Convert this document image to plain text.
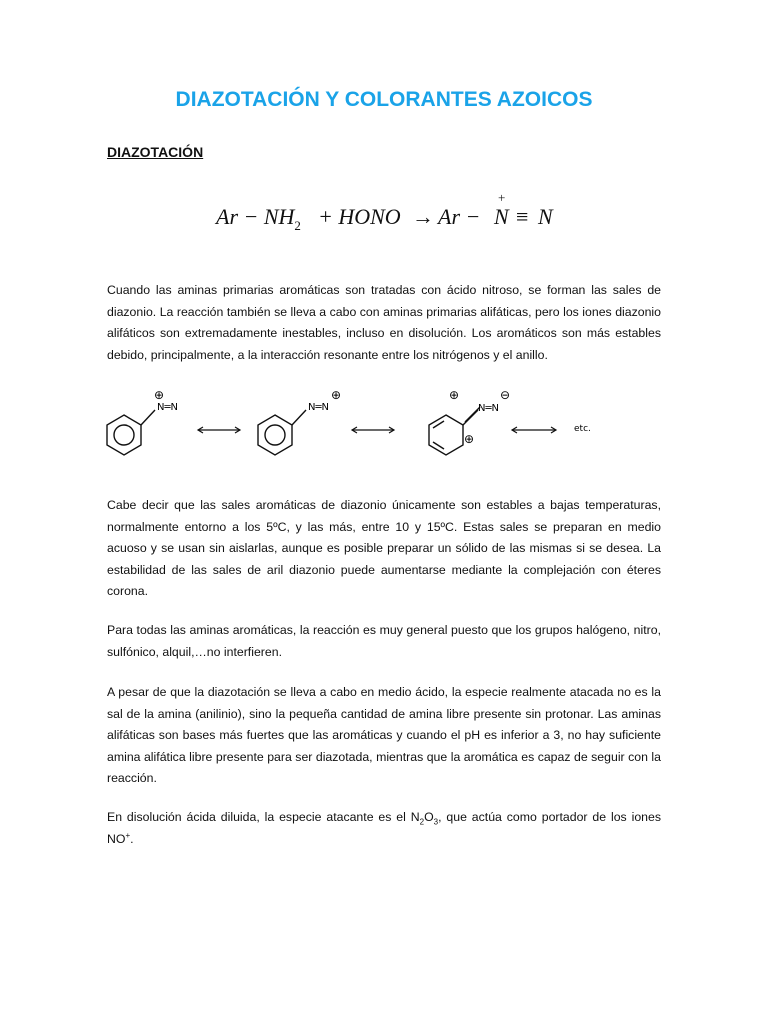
DIAZOTACIÓN Y COLORANTES AZOICOS
DIAZOTACIÓN
$Ar - NH_2$ + HONO → Ar −
+
N ≡ N

Cuando las aminas primarias aromáticas son tratadas con ácido nitroso, se forman las sales de diazonio. La reacción también se lleva a cabo con aminas primarias alifáticas, pero los iones diazonio alifáticos son extremadamente inestables, incluso en disolución. Los aromáticos son más estables debido, principalmente, a la interacción resonante entre los nitrógenos y el anillo.

⊕
N═N
⊕
N═N
⊕	⊖
N═N
⊕
etc.

Cabe decir que las sales aromáticas de diazonio únicamente son estables a bajas temperaturas, normalmente entorno a los 5ºC, y las más, entre 10 y 15ºC. Estas sales se preparan en medio acuoso y se usan sin aislarlas, aunque es posible preparar un sólido de las mismas si se desea. La estabilidad de las sales de aril diazonio puede aumentarse mediante la complejación con éteres corona.

Para todas las aminas aromáticas, la reacción es muy general puesto que los grupos halógeno, nitro, sulfónico, alquil,…no interfieren.

A pesar de que la diazotación se lleva a cabo en medio ácido, la especie realmente atacada no es la sal de la amina (anilinio), sino la pequeña cantidad de amina libre presente sin protonar. Las aminas alifáticas son bases más fuertes que las aromáticas y cuando el pH es inferior a 3, no hay suficiente amina alifática libre presente para ser diazotada, mientras que la aromática es capaz de seguir con la reacción.

En disolución ácida diluida, la especie atacante es el $N_2O_3$, que actúa como portador de los iones NO+.
